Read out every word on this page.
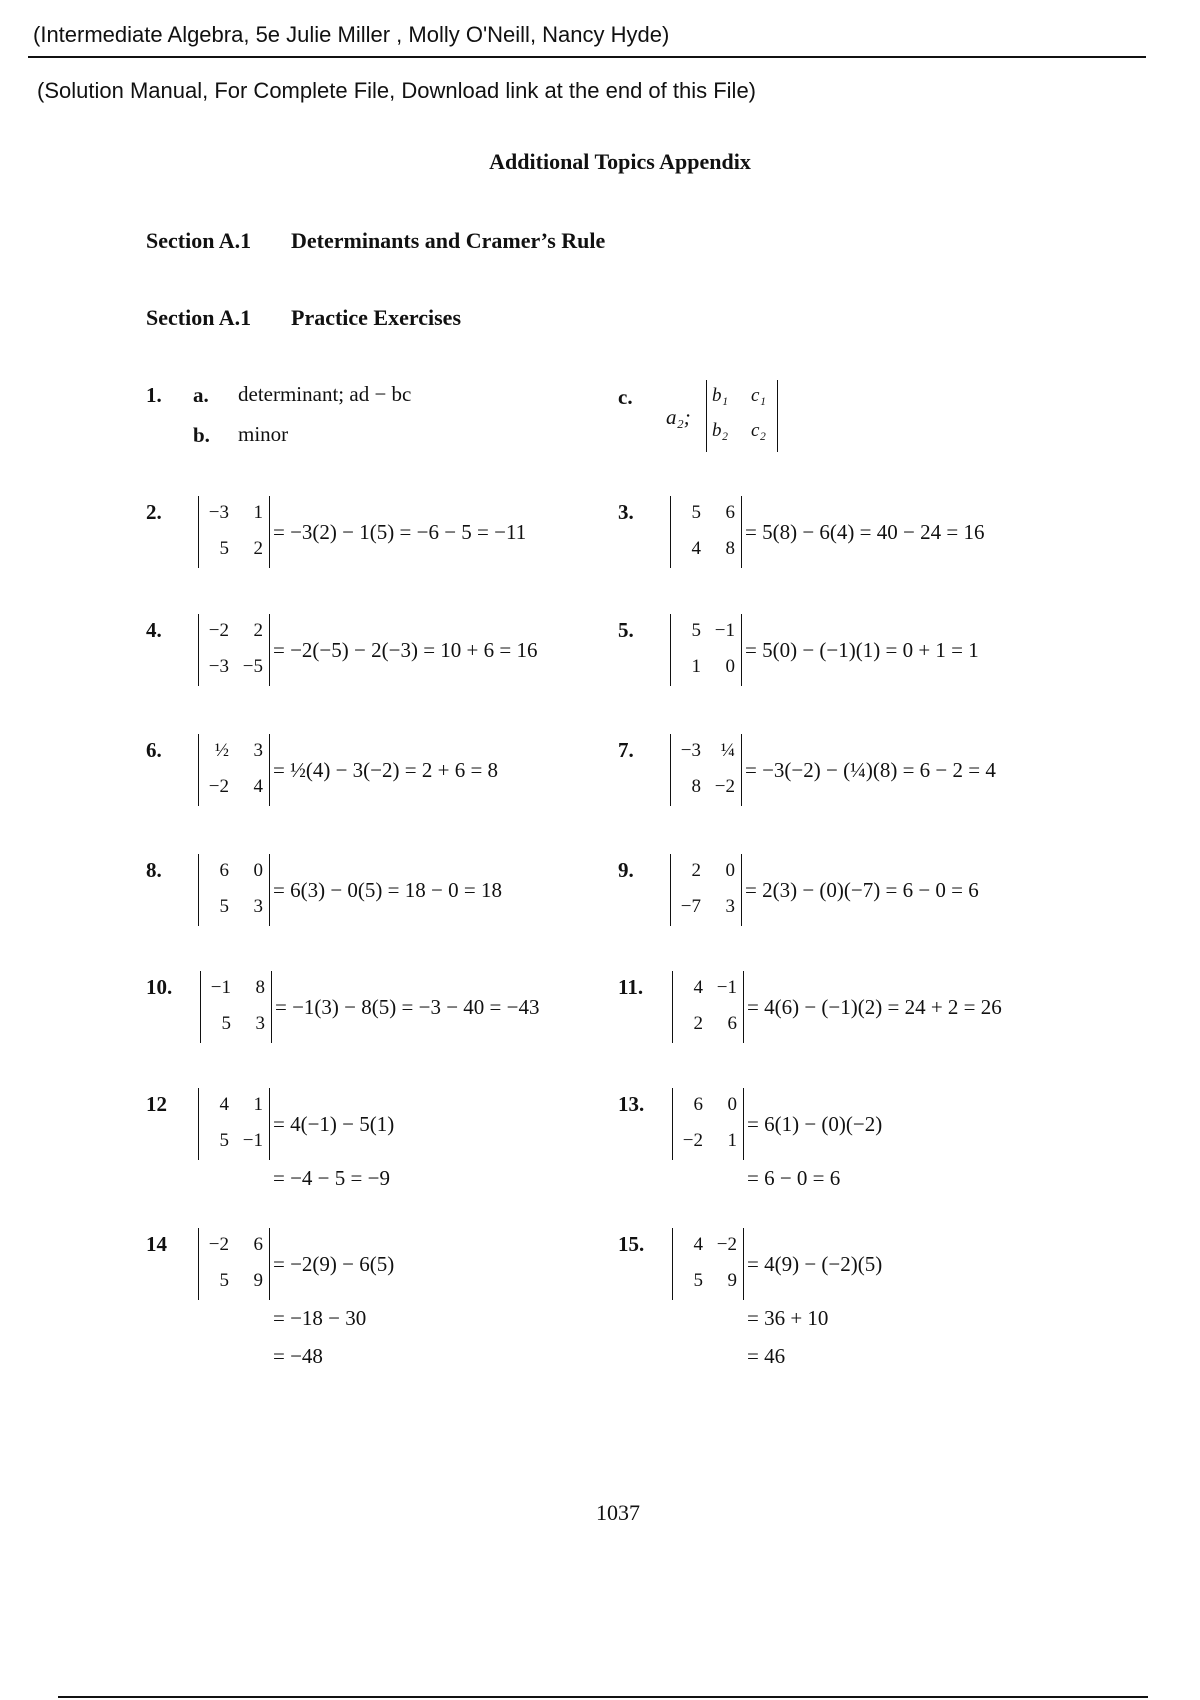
(Intermediate Algebra, 5e Julie Miller , Molly O'Neill, Nancy Hyde)
(Solution Manual, For Complete File, Download link at the end of this File)
Additional Topics Appendix
Section A.1 Determinants and Cramer’s Rule
Section A.1 Practice Exercises
1. a. determinant; ad − bc
b. minor
c.
a₂;
b₁	c₁
b₂	c₂
2.	−3	1
5	2
= −3(2) − 1(5) = −6 − 5 = −11
3.	5	6
4	8
= 5(8) − 6(4) = 40 − 24 = 16
4.	−2	2
−3 −5
= −2(−5) − 2(−3) = 10 + 6 = 16
5.	5 −1
1	0
= 5(0) − (−1)(1) = 0 + 1 = 1
6.	½	3
−2	4
= ½(4) − 3(−2) = 2 + 6 = 8
7.	−3	¼
8 −2
= −3(−2) − (¼)(8) = 6 − 2 = 4
8.	6	0
5	3
= 6(3) − 0(5) = 18 − 0 = 18
9.	2	0
−7	3
= 2(3) − (0)(−7) = 6 − 0 = 6
10.	−1	8
5	3
= −1(3) − 8(5) = −3 − 40 = −43
11.	4 −1
2	6
= 4(6) − (−1)(2) = 24 + 2 = 26
12	4	1
5 −1
= 4(−1) − 5(1)
= −4 − 5 = −9
13.	6	0
−2	1
= 6(1) − (0)(−2)
= 6 − 0 = 6
14	−2	6
5	9
= −2(9) − 6(5)
= −18 − 30
= −48
15.	4 −2
5	9
= 4(9) − (−2)(5)
= 36 + 10
= 46
1037
